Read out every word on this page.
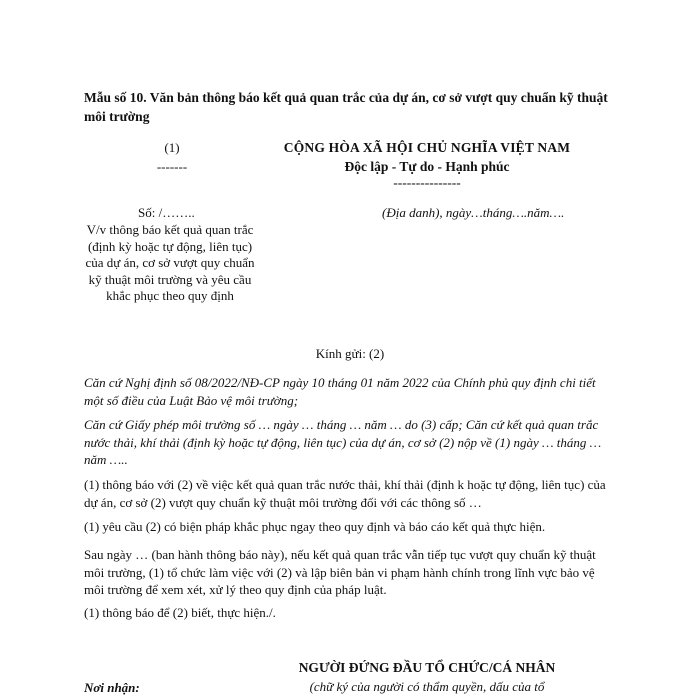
Mẫu số 10. Văn bản thông báo kết quả quan trắc của dự án, cơ sở vượt quy chuẩn kỹ thuật môi trường
(1)
-------
CỘNG HÒA XÃ HỘI CHỦ NGHĨA VIỆT NAM
Độc lập - Tự do - Hạnh phúc
---------------
Số: /……..	(Địa danh), ngày…tháng….năm….
V/v thông báo kết quả quan trắc (định kỳ hoặc tự động, liên tục) của dự án, cơ sở vượt quy chuẩn kỹ thuật môi trường và yêu cầu khắc phục theo quy định
Kính gửi: (2)
Căn cứ Nghị định số 08/2022/NĐ-CP ngày 10 tháng 01 năm 2022 của Chính phủ quy định chi tiết một số điều của Luật Bảo vệ môi trường;
Căn cứ Giấy phép môi trường số … ngày … tháng … năm … do (3) cấp; Căn cứ kết quả quan trắc nước thải, khí thải (định kỳ hoặc tự động, liên tục) của dự án, cơ sở (2) nộp về (1) ngày … tháng … năm …..
(1) thông báo với (2) về việc kết quả quan trắc nước thải, khí thải (định k hoặc tự động, liên tục) của dự án, cơ sở (2) vượt quy chuẩn kỹ thuật môi trường đối với các thông số …
(1) yêu cầu (2) có biện pháp khắc phục ngay theo quy định và báo cáo kết quả thực hiện.
Sau ngày … (ban hành thông báo này), nếu kết quả quan trắc vẫn tiếp tục vượt quy chuẩn kỹ thuật môi trường, (1) tổ chức làm việc với (2) và lập biên bản vi phạm hành chính trong lĩnh vực bảo vệ môi trường để xem xét, xử lý theo quy định của pháp luật.
(1) thông báo để (2) biết, thực hiện./.
NGƯỜI ĐỨNG ĐẦU TỔ CHỨC/CÁ NHÂN
Nơi nhận:	(chữ ký của người có thẩm quyền, dấu của tổ
